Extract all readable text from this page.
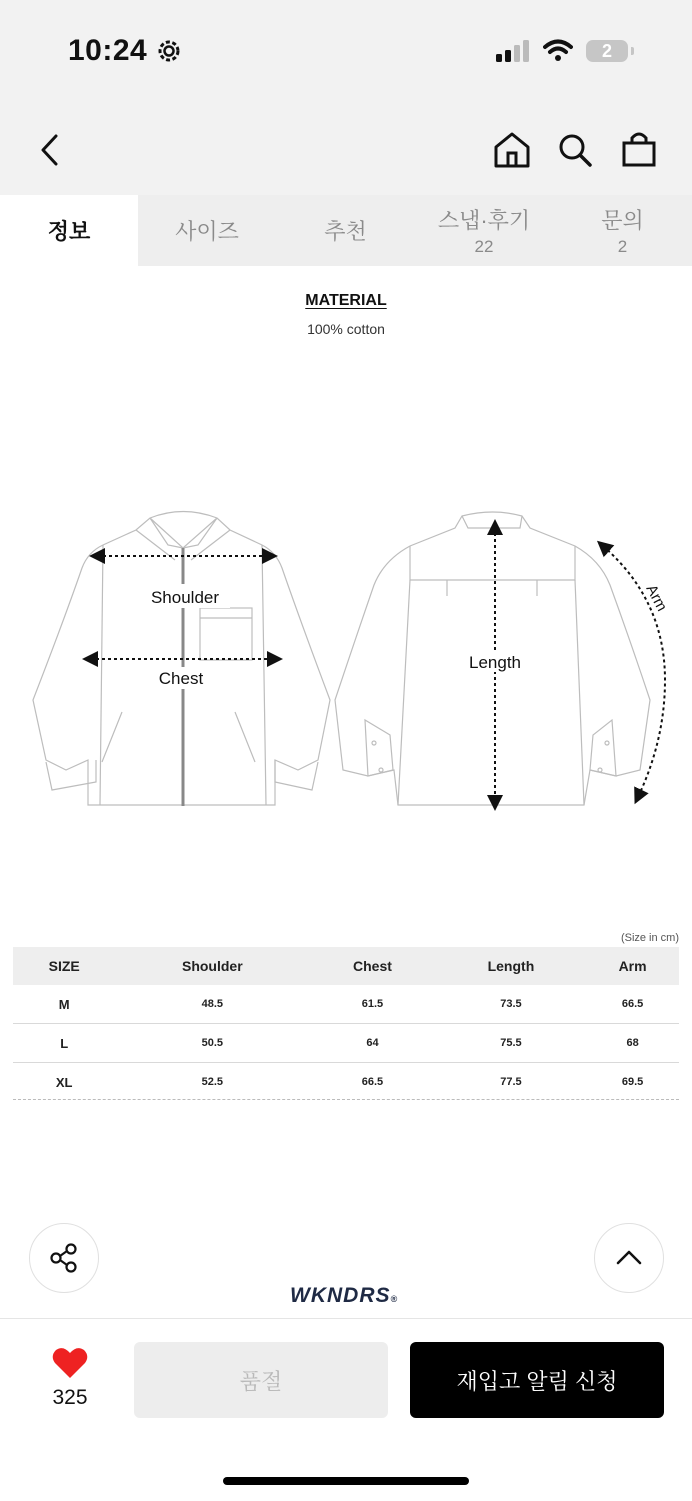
10:24	2
정보	사이즈	추천	스냅·후기
22
문의
2
MATERIAL
100% cotton
Shoulder
Chest
Length
Arm
(Size in cm)
SIZE	Shoulder	Chest	Length	Arm
M	48.5	61.5	73.5	66.5
L	50.5	64	75.5	68
XL	52.5	66.5	77.5	69.5
WKNDRS®
325
품절	재입고 알림 신청
